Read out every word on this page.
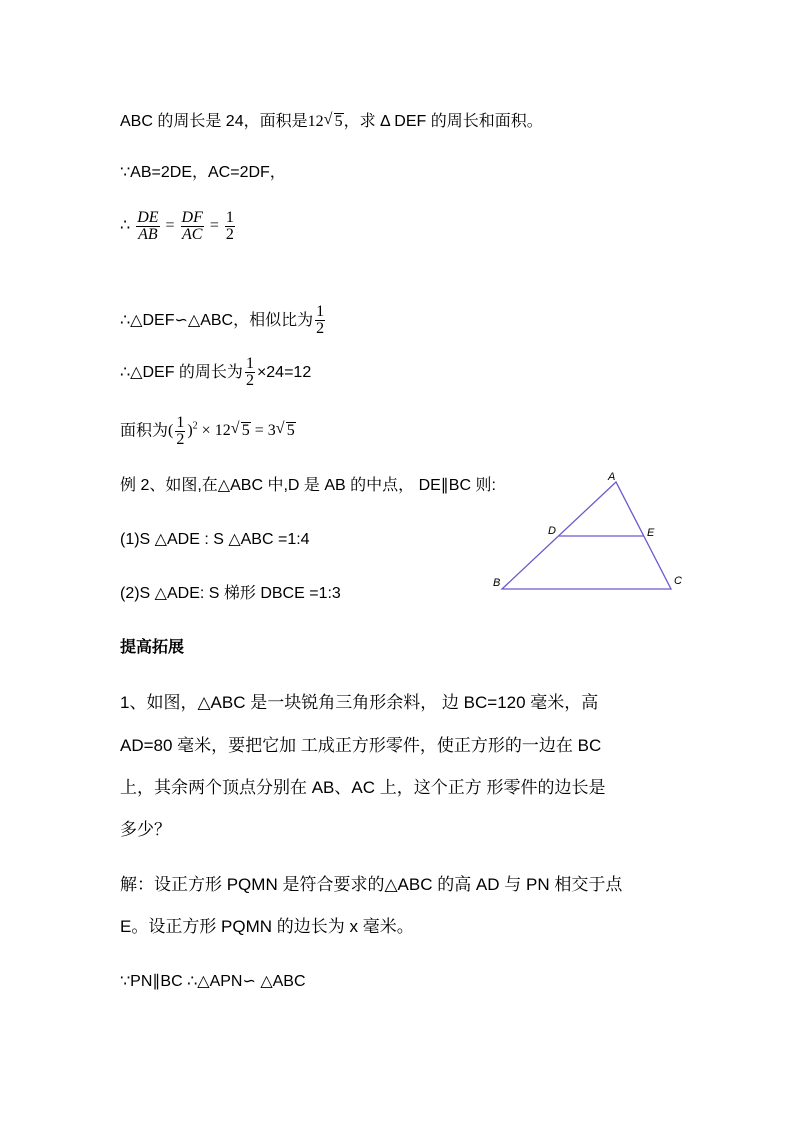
ABC 的周长是 24，面积是12 √ 5，求 Δ DEF 的周长和面积。
∵AB=2DE，AC=2DF，
∴ $\frac{DE}{AB} = \frac{DF}{AC} = \frac{1}{2}$
∴△DEF∽△ABC，相似比为 $\frac{1}{2}$
∴△DEF 的周长为 $\frac{1}{2} \times 24=12$
面积为( $\frac{1}{2} )^2 \times 12$ √ 5 = 3 √ 5
例 2、如图,在△ABC 中,D 是 AB 的中点， DE∥BC 则:
(1)S △ADE : S △ABC =1:4
(2)S △ADE: S 梯形 DBCE =1:3
A
B	C
D	E
提高拓展
1、如图，△ABC 是一块锐角三角形余料， 边 BC=120 毫米，高
AD=80 毫米，要把它加 工成正方形零件，使正方形的一边在 BC
上，其余两个顶点分别在 AB、AC 上，这个正方 形零件的边长是
多少？
解：设正方形 PQMN 是符合要求的△ABC 的高 AD 与 PN 相交于点
E。设正方形 PQMN 的边长为 x 毫米。
∵PN∥BC ∴△APN∽ △ABC
